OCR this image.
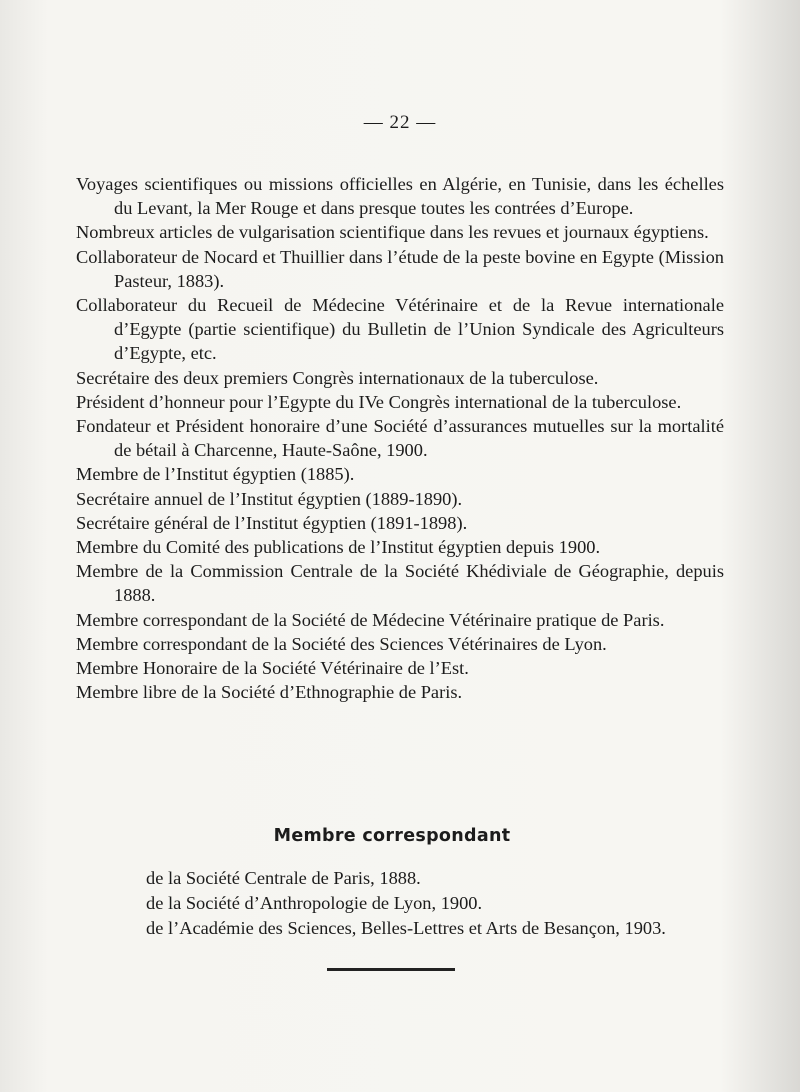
— 22 —

Voyages scientifiques ou missions officielles en Algérie, en Tunisie, dans les échelles du Levant, la Mer Rouge et dans presque toutes les contrées d’Europe.

Nombreux articles de vulgarisation scientifique dans les revues et journaux égyptiens.

Collaborateur de Nocard et Thuillier dans l’étude de la peste bovine en Egypte (Mission Pasteur, 1883).

Collaborateur du Recueil de Médecine Vétérinaire et de la Revue internationale d’Egypte (partie scientifique) du Bulletin de l’Union Syndicale des Agriculteurs d’Egypte, etc.

Secrétaire des deux premiers Congrès internationaux de la tuberculose.

Président d’honneur pour l’Egypte du IVe Congrès international de la tuberculose.

Fondateur et Président honoraire d’une Société d’assurances mutuelles sur la mortalité de bétail à Charcenne, Haute-Saône, 1900.

Membre de l’Institut égyptien (1885).

Secrétaire annuel de l’Institut égyptien (1889-1890).

Secrétaire général de l’Institut égyptien (1891-1898).

Membre du Comité des publications de l’Institut égyptien depuis 1900.

Membre de la Commission Centrale de la Société Khédiviale de Géographie, depuis 1888.

Membre correspondant de la Société de Médecine Vétérinaire pratique de Paris.

Membre correspondant de la Société des Sciences Vétérinaires de Lyon.

Membre Honoraire de la Société Vétérinaire de l’Est.

Membre libre de la Société d’Ethnographie de Paris.

Membre correspondant

de la Société Centrale de Paris, 1888.

de la Société d’Anthropologie de Lyon, 1900.

de l’Académie des Sciences, Belles-Lettres et Arts de Besançon, 1903.
